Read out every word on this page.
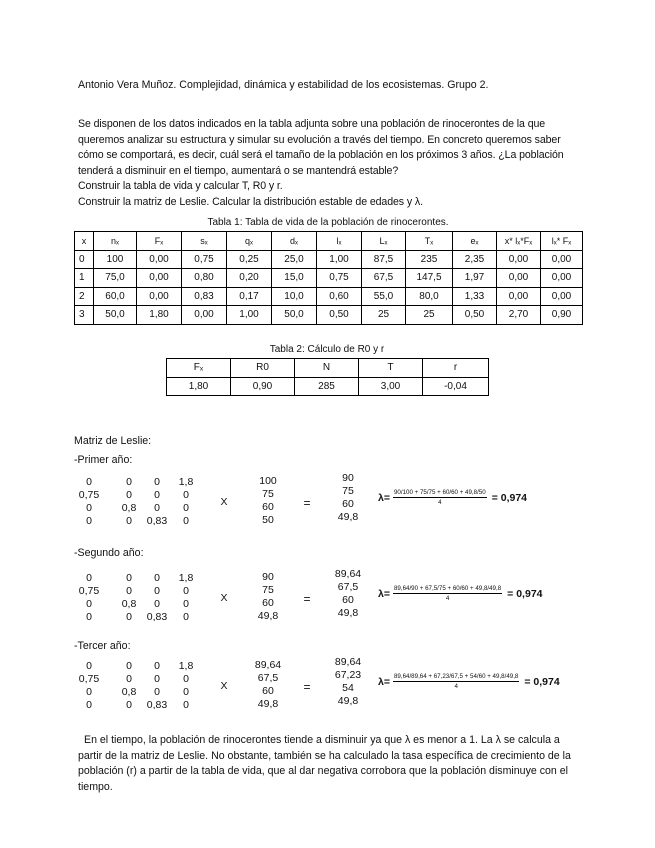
Antonio Vera Muñoz. Complejidad, dinámica y estabilidad de los ecosistemas. Grupo 2.
Se disponen de los datos indicados en la tabla adjunta sobre una población de rinocerontes de la que
queremos analizar su estructura y simular su evolución a través del tiempo. En concreto queremos saber
cómo se comportará, es decir, cuál será el tamaño de la población en los próximos 3 años. ¿La población
tenderá a disminuir en el tiempo, aumentará o se mantendrá estable?
Construir la tabla de vida y calcular T, R0 y r.
Construir la matriz de Leslie. Calcular la distribución estable de edades y λ.
Tabla 1: Tabla de vida de la población de rinocerontes.
x	nₓ	Fₓ	sₓ	qₓ	dₓ	lₓ	Lₓ	Tₓ	eₓ	x* lₓ*Fₓ	lₓ* Fₓ
0	100	0,00	0,75	0,25	25,0	1,00	87,5	235	2,35	0,00	0,00
1	75,0	0,00	0,80	0,20	15,0	0,75	67,5	147,5	1,97	0,00	0,00
2	60,0	0,00	0,83	0,17	10,0	0,60	55,0	80,0	1,33	0,00	0,00
3	50,0	1,80	0,00	1,00	50,0	0,50	25	25	0,50	2,70	0,90
Tabla 2: Cálculo de R0 y r
Fₓ	R0	N	T	r
1,80	0,90	285	3,00	-0,04
Matriz de Leslie:
-Primer año:
0	0	0	1,8
0,75	0	0	0
0	0,8	0	0
0	0	0,83	0
X
100
75
60
50
=
90
75
60
49,8
$\lambda= \frac{90/100 + 75/75 + 60/60 + 49,8/50}{4} = 0,974$
-Segundo año:
0	0	0	1,8
0,75	0	0	0
0	0,8	0	0
0	0	0,83	0
X
90
75
60
49,8
=
89,64
67,5
60
49,8
$\lambda= \frac{89,64/90 + 67,5/75 + 60/60 + 49,8/49,8}{4} = 0,974$
-Tercer año:
0	0	0	1,8
0,75	0	0	0
0	0,8	0	0
0	0	0,83	0
X
89,64
67,5
60
49,8
=
89,64
67,23
54
49,8
$\lambda= \frac{89,64/89,64 + 67,23/67,5 + 54/60 + 49,8/49,8}{4} = 0,974$
En el tiempo, la población de rinocerontes tiende a disminuir ya que λ es menor a 1. La λ se calcula a
partir de la matriz de Leslie. No obstante, también se ha calculado la tasa específica de crecimiento de la
población (r) a partir de la tabla de vida, que al dar negativa corrobora que la población disminuye con el
tiempo.
